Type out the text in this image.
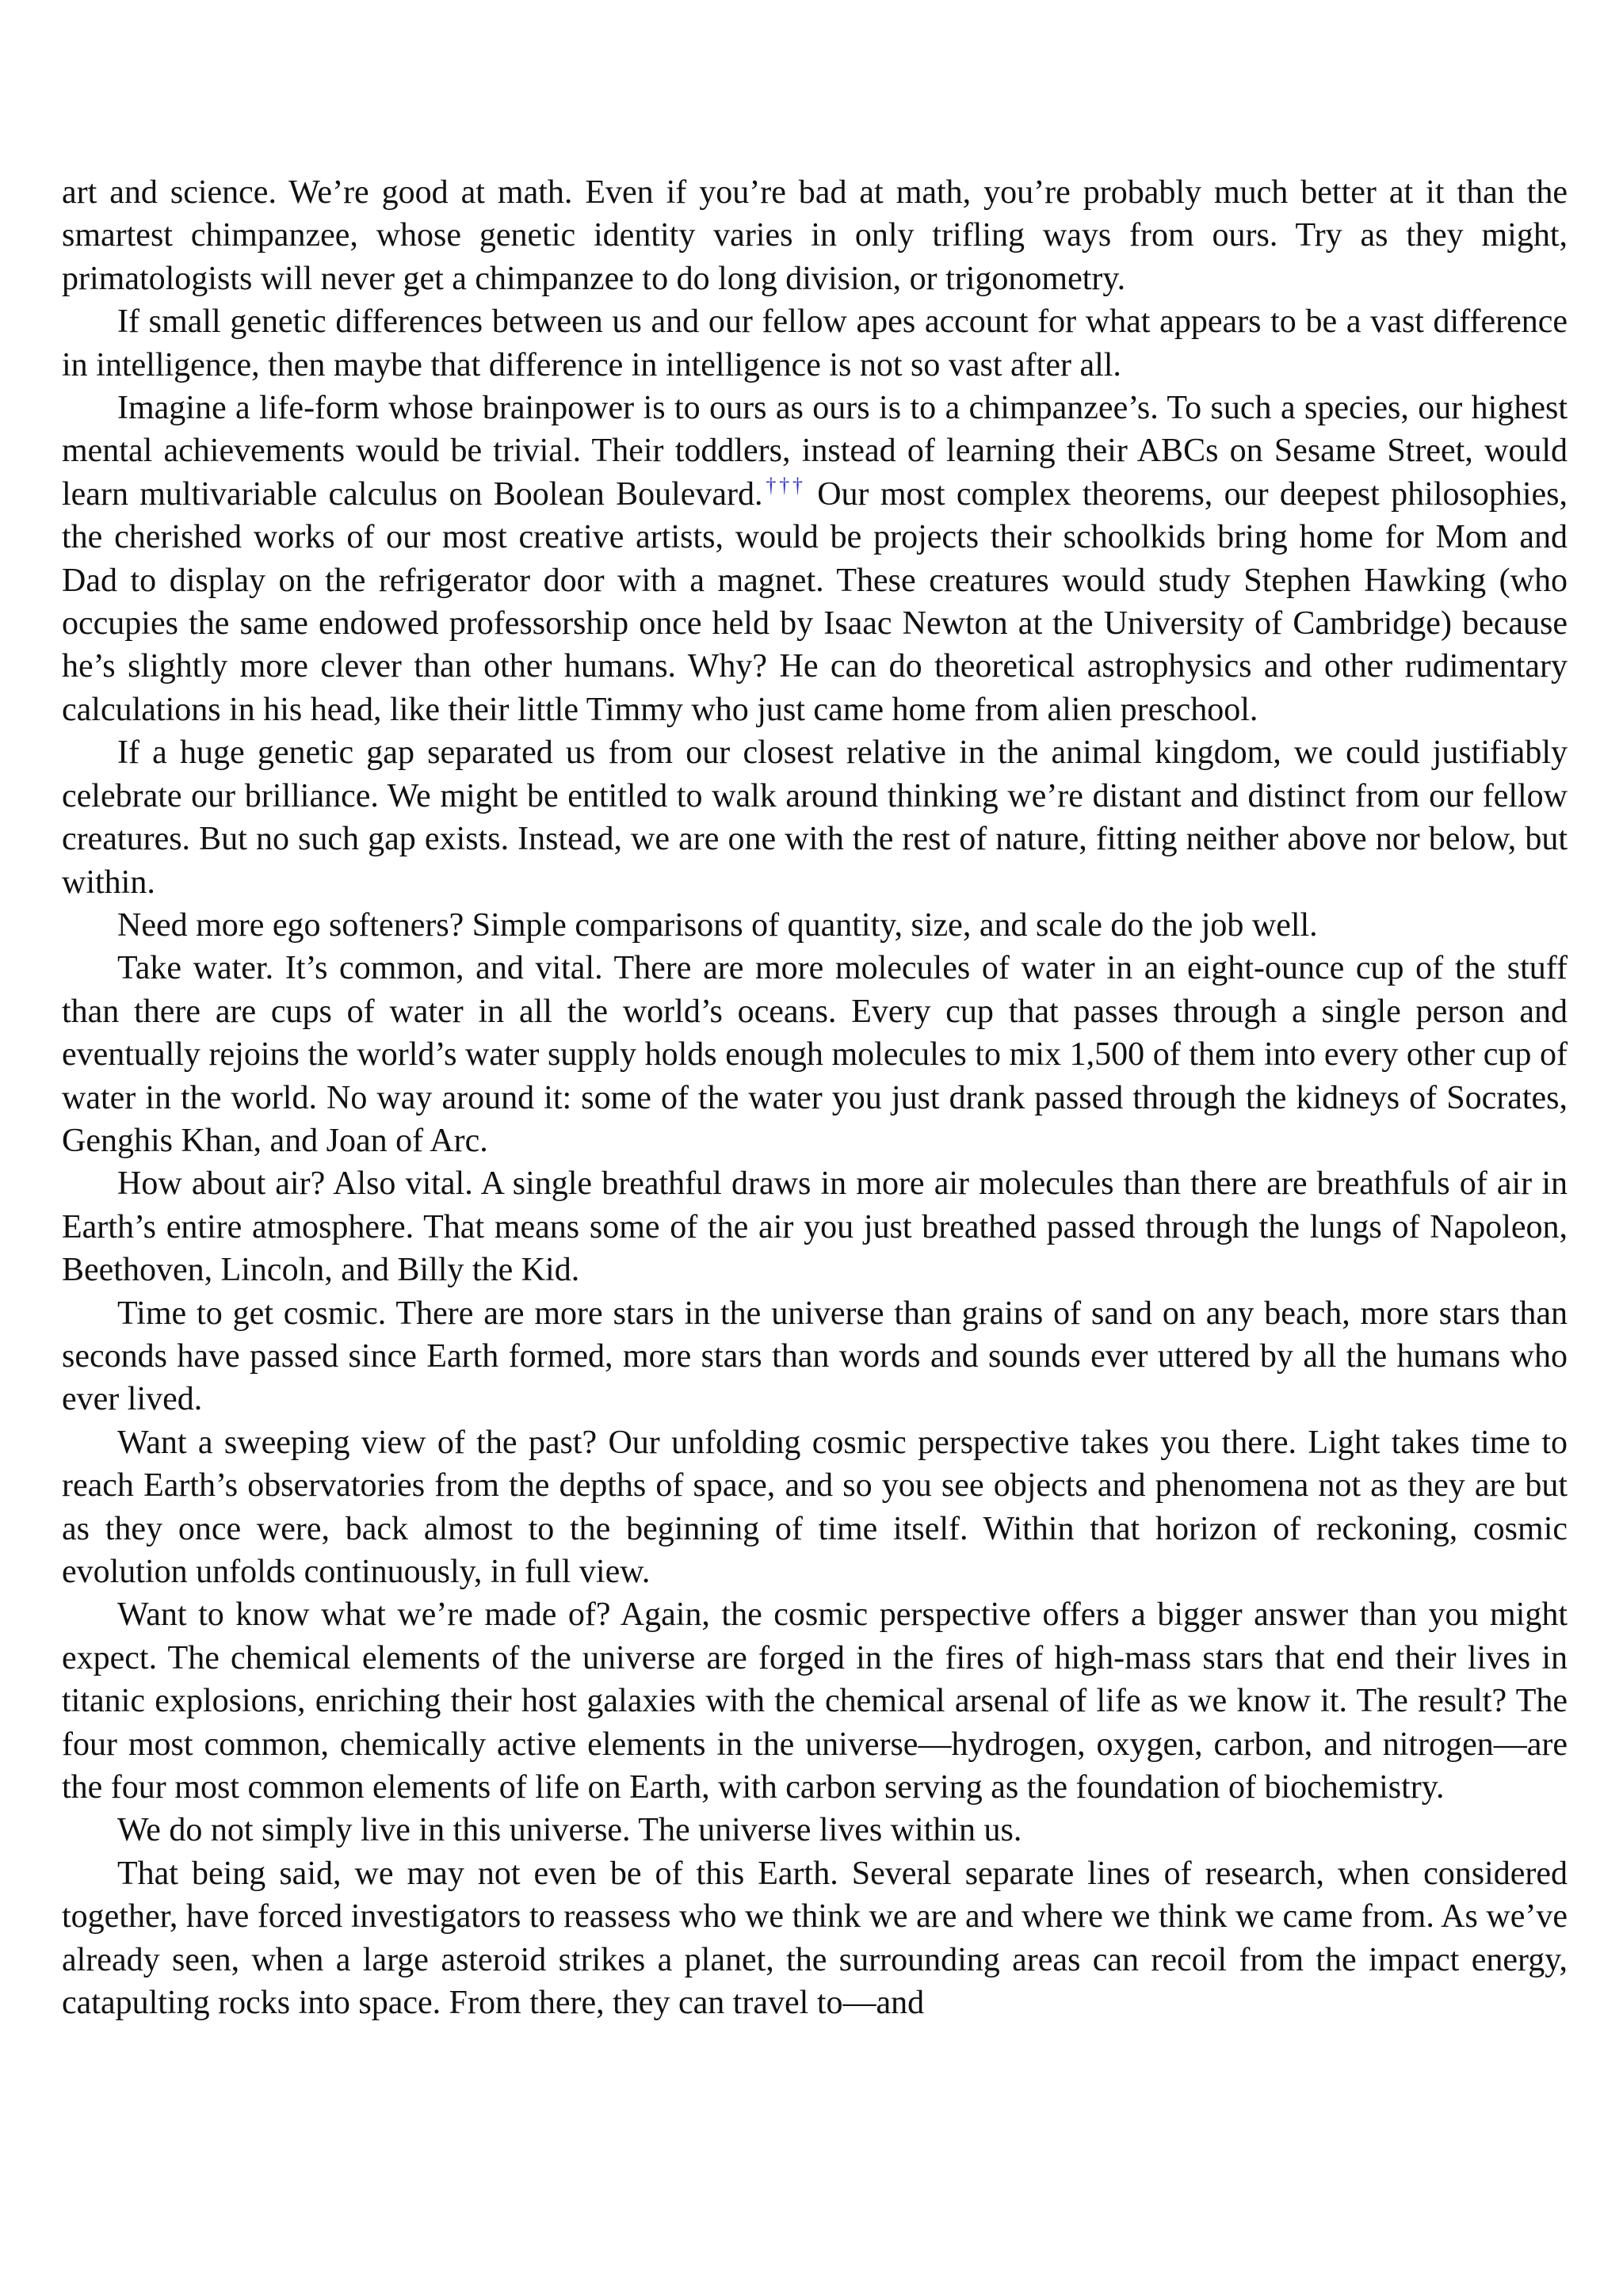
art and science. We’re good at math. Even if you’re bad at math, you’re probably much better at it than the smartest chimpanzee, whose genetic identity varies in only trifling ways from ours. Try as they might, primatologists will never get a chimpanzee to do long division, or trigonometry.

If small genetic differences between us and our fellow apes account for what appears to be a vast difference in intelligence, then maybe that difference in intelligence is not so vast after all.

Imagine a life-form whose brainpower is to ours as ours is to a chimpanzee’s. To such a species, our highest mental achievements would be trivial. Their toddlers, instead of learning their ABCs on Sesame Street, would learn multivariable calculus on Boolean Boulevard.††† Our most complex theorems, our deepest philosophies, the cherished works of our most creative artists, would be projects their schoolkids bring home for Mom and Dad to display on the refrigerator door with a magnet. These creatures would study Stephen Hawking (who occupies the same endowed professorship once held by Isaac Newton at the University of Cambridge) because he’s slightly more clever than other humans. Why? He can do theoretical astrophysics and other rudimentary calculations in his head, like their little Timmy who just came home from alien preschool.

If a huge genetic gap separated us from our closest relative in the animal kingdom, we could justifiably celebrate our brilliance. We might be entitled to walk around thinking we’re distant and distinct from our fellow creatures. But no such gap exists. Instead, we are one with the rest of nature, fitting neither above nor below, but within.

Need more ego softeners? Simple comparisons of quantity, size, and scale do the job well.

Take water. It’s common, and vital. There are more molecules of water in an eight-ounce cup of the stuff than there are cups of water in all the world’s oceans. Every cup that passes through a single person and eventually rejoins the world’s water supply holds enough molecules to mix 1,500 of them into every other cup of water in the world. No way around it: some of the water you just drank passed through the kidneys of Socrates, Genghis Khan, and Joan of Arc.

How about air? Also vital. A single breathful draws in more air molecules than there are breathfuls of air in Earth’s entire atmosphere. That means some of the air you just breathed passed through the lungs of Napoleon, Beethoven, Lincoln, and Billy the Kid.

Time to get cosmic. There are more stars in the universe than grains of sand on any beach, more stars than seconds have passed since Earth formed, more stars than words and sounds ever uttered by all the humans who ever lived.

Want a sweeping view of the past? Our unfolding cosmic perspective takes you there. Light takes time to reach Earth’s observatories from the depths of space, and so you see objects and phenomena not as they are but as they once were, back almost to the beginning of time itself. Within that horizon of reckoning, cosmic evolution unfolds continuously, in full view.

Want to know what we’re made of? Again, the cosmic perspective offers a bigger answer than you might expect. The chemical elements of the universe are forged in the fires of high-mass stars that end their lives in titanic explosions, enriching their host galaxies with the chemical arsenal of life as we know it. The result? The four most common, chemically active elements in the universe—hydrogen, oxygen, carbon, and nitrogen—are the four most common elements of life on Earth, with carbon serving as the foundation of biochemistry.

We do not simply live in this universe. The universe lives within us.

That being said, we may not even be of this Earth. Several separate lines of research, when considered together, have forced investigators to reassess who we think we are and where we think we came from. As we’ve already seen, when a large asteroid strikes a planet, the surrounding areas can recoil from the impact energy, catapulting rocks into space. From there, they can travel to—and
